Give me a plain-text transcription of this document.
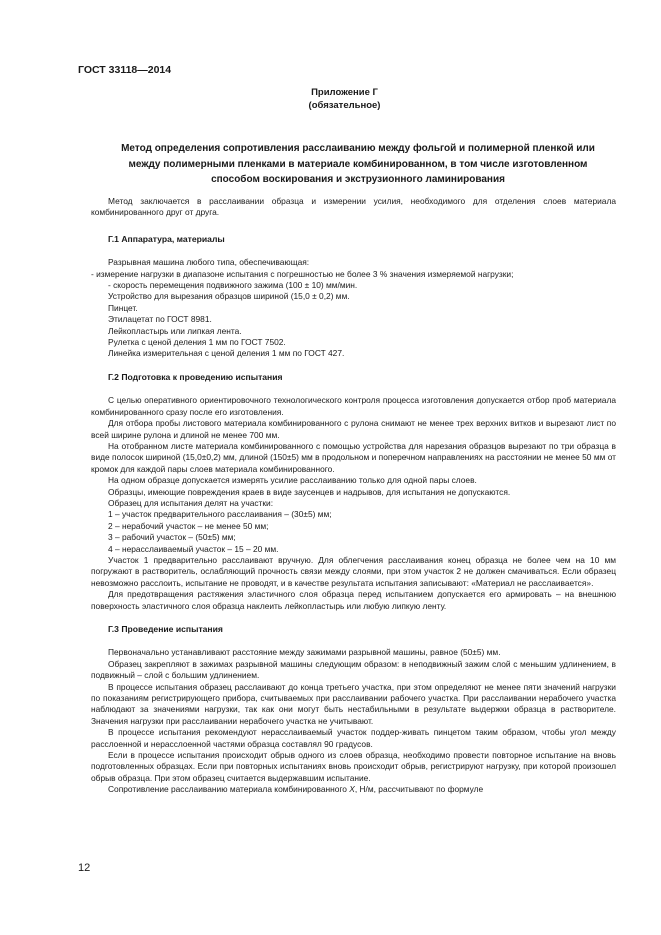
ГОСТ 33118—2014
Приложение Г
(обязательное)
Метод определения сопротивления расслаиванию между фольгой и полимерной пленкой или между полимерными пленками в материале комбинированном, в том числе изготовленном способом воскирования и экструзионного ламинирования

Метод заключается в расслаивании образца и измерении усилия, необходимого для отделения слоев материала комбинированного друг от друга.

Г.1 Аппаратура, материалы

Разрывная машина любого типа, обеспечивающая:

- измерение нагрузки в диапазоне испытания с погрешностью не более 3 % значения измеряемой нагрузки;

- скорость перемещения подвижного зажима (100 ± 10) мм/мин.

Устройство для вырезания образцов шириной (15,0 ± 0,2) мм.

Пинцет.

Этилацетат по ГОСТ 8981.

Лейкопластырь или липкая лента.

Рулетка с ценой деления 1 мм по ГОСТ 7502.

Линейка измерительная с ценой деления 1 мм по ГОСТ 427.

Г.2 Подготовка к проведению испытания

С целью оперативного ориентировочного технологического контроля процесса изготовления допускается отбор проб материала комбинированного сразу после его изготовления.

Для отбора пробы листового материала комбинированного с рулона снимают не менее трех верхних витков и вырезают лист по всей ширине рулона и длиной не менее 700 мм.

На отобранном листе материала комбинированного с помощью устройства для нарезания образцов вырезают по три образца в виде полосок шириной (15,0±0,2) мм, длиной (150±5) мм в продольном и поперечном направлениях на расстоянии не менее 50 мм от кромок для каждой пары слоев материала комбинированного.

На одном образце допускается измерять усилие расслаиванию только для одной пары слоев.

Образцы, имеющие повреждения краев в виде заусенцев и надрывов, для испытания не допускаются.

Образец для испытания делят на участки:

1 – участок предварительного расслаивания – (30±5) мм;

2 – нерабочий участок – не менее 50 мм;

3 – рабочий участок – (50±5) мм;

4 – нерасслаиваемый участок – 15 – 20 мм.

Участок 1 предварительно расслаивают вручную. Для облегчения расслаивания конец образца не более чем на 10 мм погружают в растворитель, ослабляющий прочность связи между слоями, при этом участок 2 не должен смачиваться. Если образец невозможно расслоить, испытание не проводят, и в качестве результата испытания записывают: «Материал не расслаивается».

Для предотвращения растяжения эластичного слоя образца перед испытанием допускается его армировать – на внешнюю поверхность эластичного слоя образца наклеить лейкопластырь или любую липкую ленту.

Г.3 Проведение испытания

Первоначально устанавливают расстояние между зажимами разрывной машины, равное (50±5) мм.

Образец закрепляют в зажимах разрывной машины следующим образом: в неподвижный зажим слой с меньшим удлинением, в подвижный – слой с большим удлинением.

В процессе испытания образец расслаивают до конца третьего участка, при этом определяют не менее пяти значений нагрузки по показаниям регистрирующего прибора, считываемых при расслаивании рабочего участка. При расслаивании нерабочего участка наблюдают за значениями нагрузки, так как они могут быть нестабильными в результате выдержки образца в растворителе. Значения нагрузки при расслаивании нерабочего участка не учитывают.

В процессе испытания рекомендуют нерасслаиваемый участок поддер-живать пинцетом таким образом, чтобы угол между расслоенной и нерасслоенной частями образца составлял 90 градусов.

Если в процессе испытания происходит обрыв одного из слоев образца, необходимо провести повторное испытание на вновь подготовленных образцах. Если при повторных испытаниях вновь происходит обрыв, регистрируют нагрузку, при которой произошел обрыв образца. При этом образец считается выдержавшим испытание.

Сопротивление расслаиванию материала комбинированного X, Н/м, рассчитывают по формуле

12
